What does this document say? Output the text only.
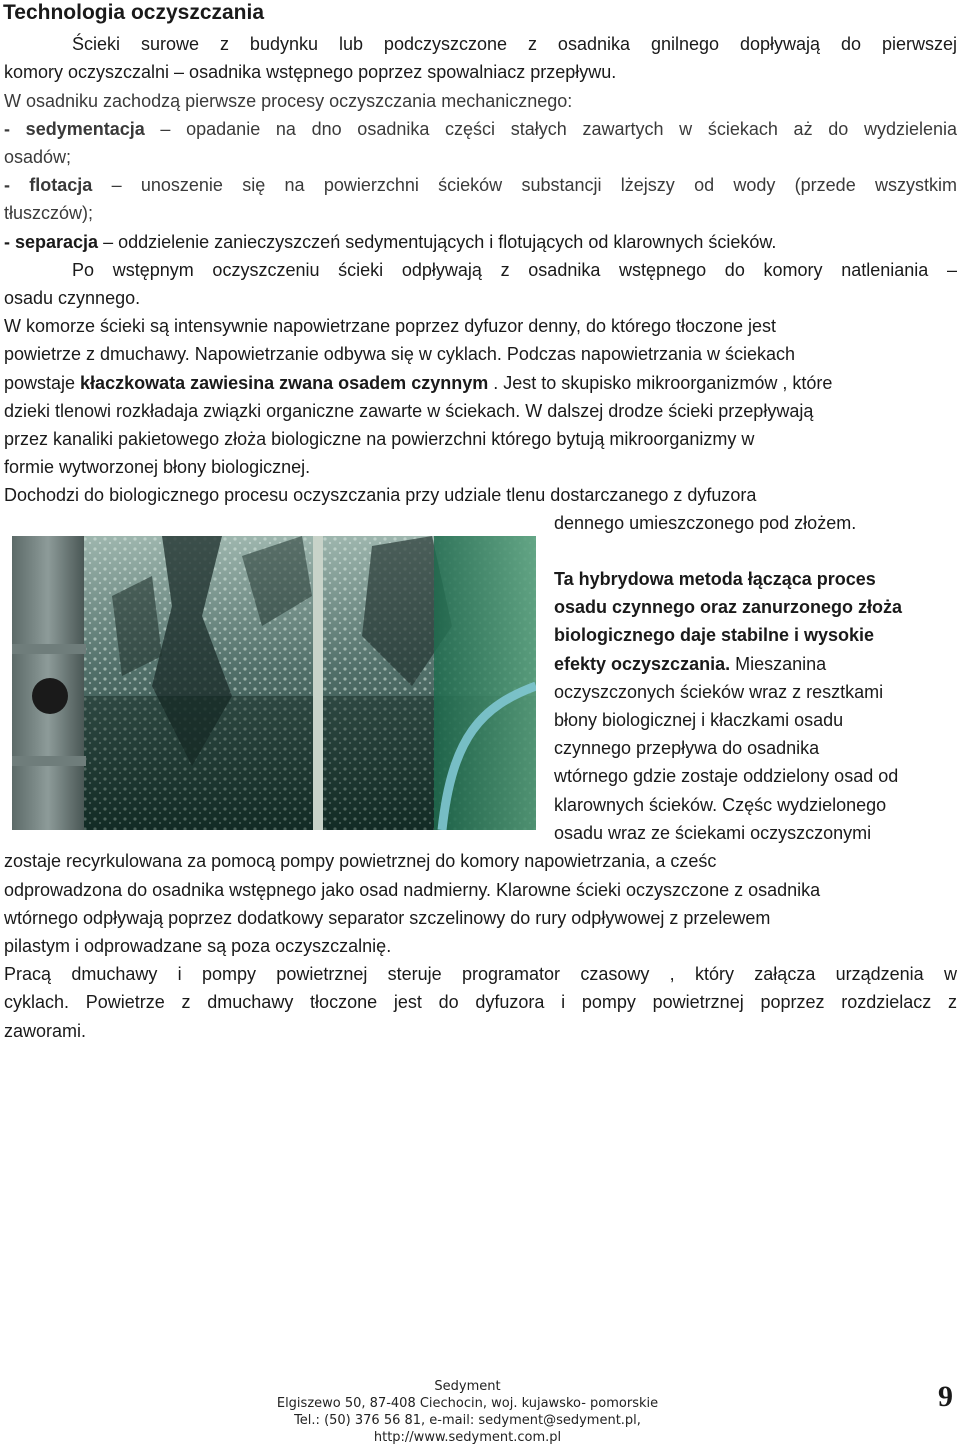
Technologia oczyszczania

Ścieki surowe z budynku lub podczyszczone z osadnika gnilnego dopływają do pierwszej

komory oczyszczalni – osadnika wstępnego poprzez spowalniacz przepływu.

W osadniku zachodzą pierwsze procesy oczyszczania mechanicznego:

- sedymentacja – opadanie na dno osadnika części stałych zawartych w ściekach aż do wydzielenia

osadów;

- flotacja – unoszenie się na powierzchni ścieków substancji lżejszy od wody (przede wszystkim

tłuszczów);

- separacja – oddzielenie zanieczyszczeń sedymentujących i flotujących od klarownych ścieków.

Po wstępnym oczyszczeniu ścieki odpływają z osadnika wstępnego do komory natleniania –

osadu czynnego.

W komorze ścieki są intensywnie napowietrzane poprzez dyfuzor denny, do którego tłoczone jest

powietrze z dmuchawy. Napowietrzanie odbywa się w cyklach. Podczas napowietrzania w ściekach

powstaje kłaczkowata zawiesina zwana osadem czynnym . Jest to skupisko mikroorganizmów , które

dzieki tlenowi rozkładaja związki organiczne zawarte w ściekach. W dalszej drodze ścieki przepływają

przez kanaliki pakietowego złoża biologiczne na powierzchni którego bytują mikroorganizmy w

formie wytworzonej błony biologicznej.

Dochodzi do biologicznego procesu oczyszczania przy udziale tlenu dostarczanego z dyfuzora

dennego umieszczonego pod złożem.

Ta hybrydowa metoda łącząca proces
osadu czynnego oraz zanurzonego złoża
biologicznego daje stabilne i wysokie
efekty oczyszczania. Mieszanina
oczyszczonych ścieków wraz z resztkami
błony biologicznej i kłaczkami osadu
czynnego przepływa do osadnika
wtórnego gdzie zostaje oddzielony osad od
klarownych ścieków. Częśc wydzielonego
osadu wraz ze ściekami oczyszczonymi

zostaje recyrkulowana za pomocą pompy powietrznej do komory napowietrzania, a cześc

odprowadzona do osadnika wstępnego jako osad nadmierny. Klarowne ścieki oczyszczone z osadnika

wtórnego odpływają poprzez dodatkowy separator szczelinowy do rury odpływowej z przelewem

pilastym i odprowadzane są poza oczyszczalnię.

Pracą dmuchawy i pompy powietrznej steruje programator czasowy , który załącza urządzenia w

cyklach. Powietrze z dmuchawy tłoczone jest do dyfuzora i pompy powietrznej poprzez rozdzielacz z

zaworami.

Sedyment
Elgiszewo 50, 87-408 Ciechocin, woj. kujawsko- pomorskie
Tel.: (50) 376 56 81, e-mail: sedyment@sedyment.pl,
http://www.sedyment.com.pl
9
